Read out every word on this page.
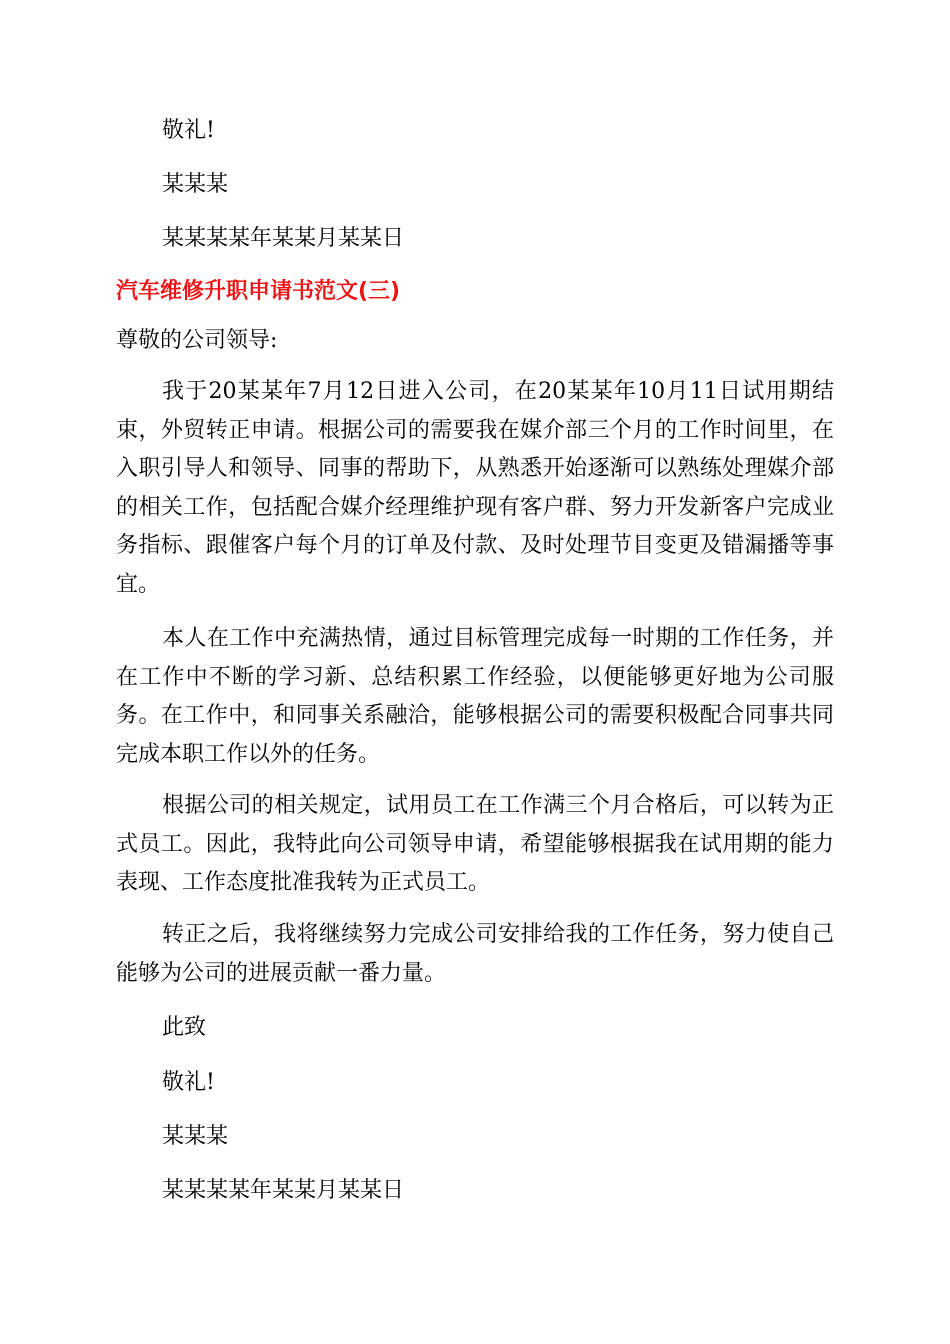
敬礼!
某某某
某某某某年某某月某某日
汽车维修升职申请书范文(三)
尊敬的公司领导:
我于20某某年7月12日进入公司，在20某某年10月11日试用期结束，外贸转正申请。根据公司的需要我在媒介部三个月的工作时间里，在入职引导人和领导、同事的帮助下，从熟悉开始逐渐可以熟练处理媒介部的相关工作，包括配合媒介经理维护现有客户群、努力开发新客户完成业务指标、跟催客户每个月的订单及付款、及时处理节目变更及错漏播等事宜。
本人在工作中充满热情，通过目标管理完成每一时期的工作任务，并在工作中不断的学习新、总结积累工作经验，以便能够更好地为公司服务。在工作中，和同事关系融洽，能够根据公司的需要积极配合同事共同完成本职工作以外的任务。
根据公司的相关规定，试用员工在工作满三个月合格后，可以转为正式员工。因此，我特此向公司领导申请，希望能够根据我在试用期的能力表现、工作态度批准我转为正式员工。
转正之后，我将继续努力完成公司安排给我的工作任务，努力使自己能够为公司的进展贡献一番力量。
此致
敬礼!
某某某
某某某某年某某月某某日
